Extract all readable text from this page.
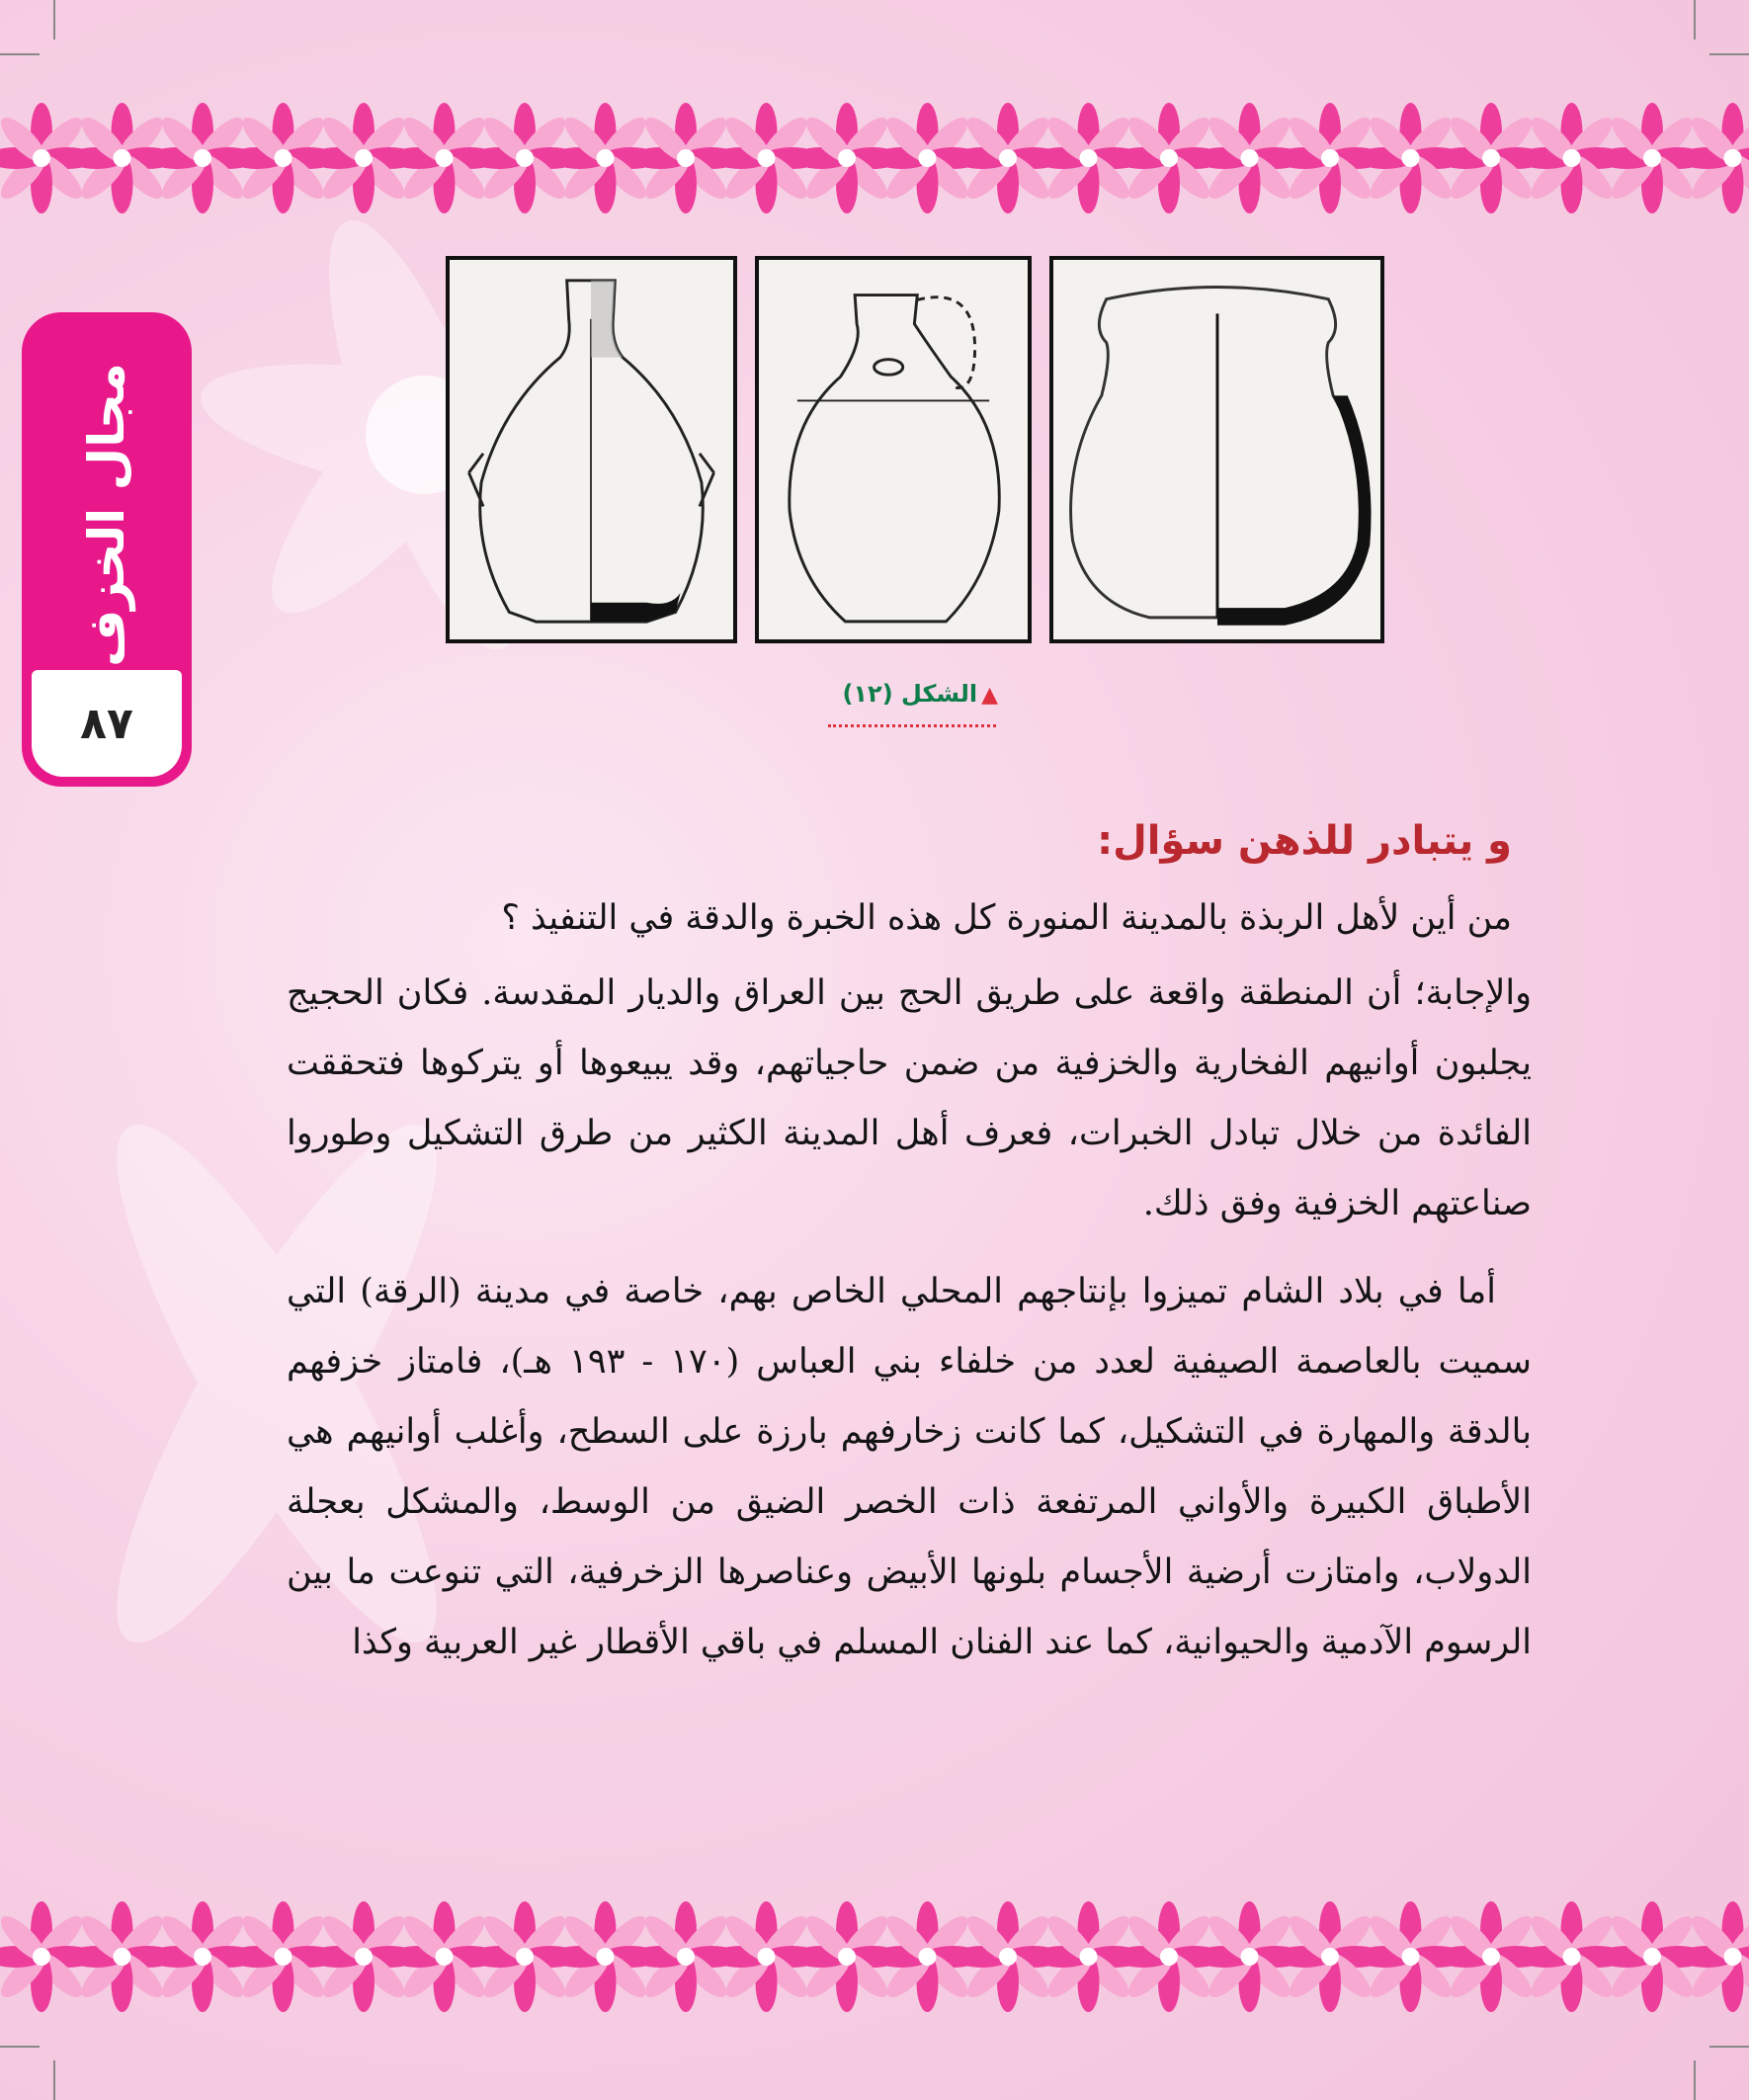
مجال الخزف
٨٧
▲الشكل (١٢)

و يتبادر للذهن سؤال:

من أين لأهل الربذة بالمدينة المنورة كل هذه الخبرة والدقة في التنفيذ ؟

والإجابة؛ أن المنطقة واقعة على طريق الحج بين العراق والديار المقدسة. فكان الحجيج يجلبون أوانيهم الفخارية والخزفية من ضمن حاجياتهم، وقد يبيعوها أو يتركوها فتحققت الفائدة من خلال تبادل الخبرات، فعرف أهل المدينة الكثير من طرق التشكيل وطوروا صناعتهم الخزفية وفق ذلك.

أما في بلاد الشام تميزوا بإنتاجهم المحلي الخاص بهم، خاصة في مدينة (الرقة) التي سميت بالعاصمة الصيفية لعدد من خلفاء بني العباس (١٧٠ - ١٩٣ هـ)، فامتاز خزفهم بالدقة والمهارة في التشكيل، كما كانت زخارفهم بارزة على السطح، وأغلب أوانيهم هي الأطباق الكبيرة والأواني المرتفعة ذات الخصر الضيق من الوسط، والمشكل بعجلة الدولاب، وامتازت أرضية الأجسام بلونها الأبيض وعناصرها الزخرفية، التي تنوعت ما بين الرسوم الآدمية والحيوانية، كما عند الفنان المسلم في باقي الأقطار غير العربية وكذا
